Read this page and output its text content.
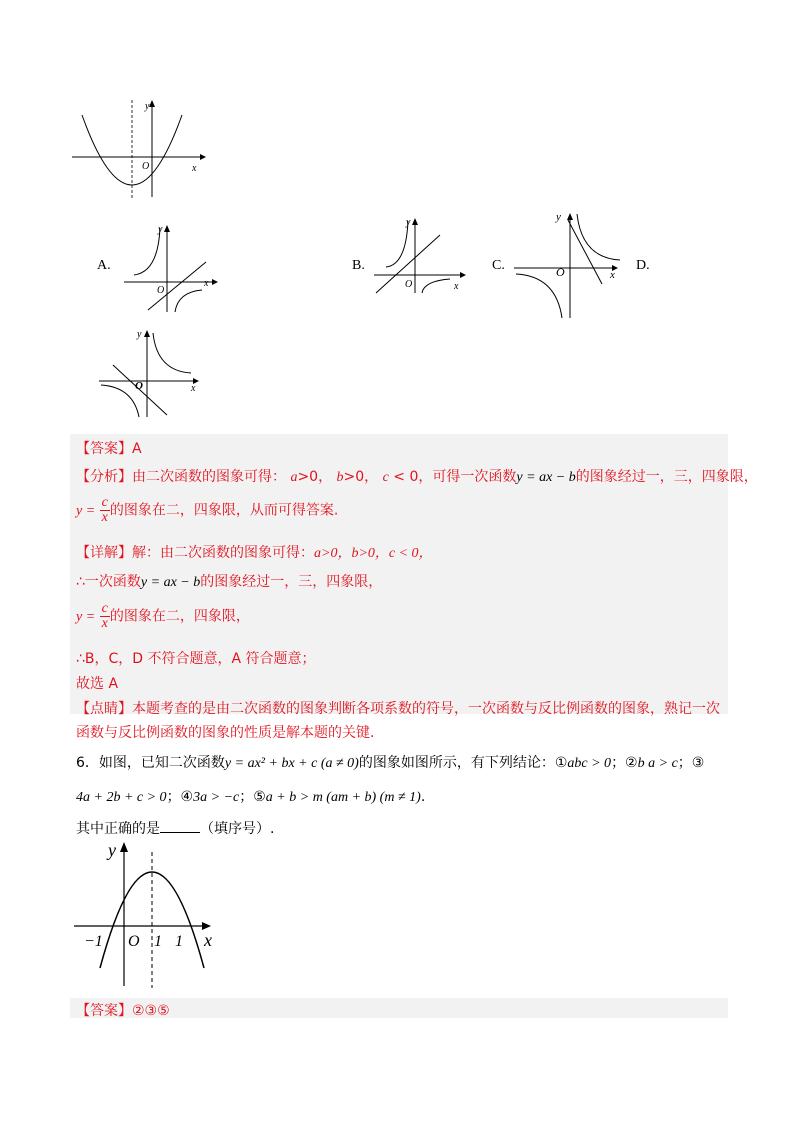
y
x
O
A.
y
x
O
B.
y
x
O
C.
y
x
O	D.
y
x
O
【答案】A
【分析】由二次函数的图象可得： a>0， b>0， c < 0，可得一次函数y = ax − b的图象经过一，三，四象限，
$y = \frac{c}{x}$ 的图象在二，四象限，从而可得答案.
【详解】解：由二次函数的图象可得：a>0，b>0，c < 0，
∴一次函数y = ax − b的图象经过一，三，四象限，
$y = \frac{c}{x}$ 的图象在二，四象限，
∴B，C，D 不符合题意，A 符合题意；
故选 A
【点睛】本题考查的是由二次函数的图象判断各项系数的符号，一次函数与反比例函数的图象，熟记一次
函数与反比例函数的图象的性质是解本题的关键.
6．如图，已知二次函数y = ax² + bx + c (a ≠ 0)的图象如图所示，有下列结论：①abc > 0；②b a > c；③
4a + 2b + c > 0；④3a > −c；⑤a + b > m (am + b) (m ≠ 1).
其中正确的是	（填序号）.
y
x
O
−1	1 1
【答案】②③⑤
